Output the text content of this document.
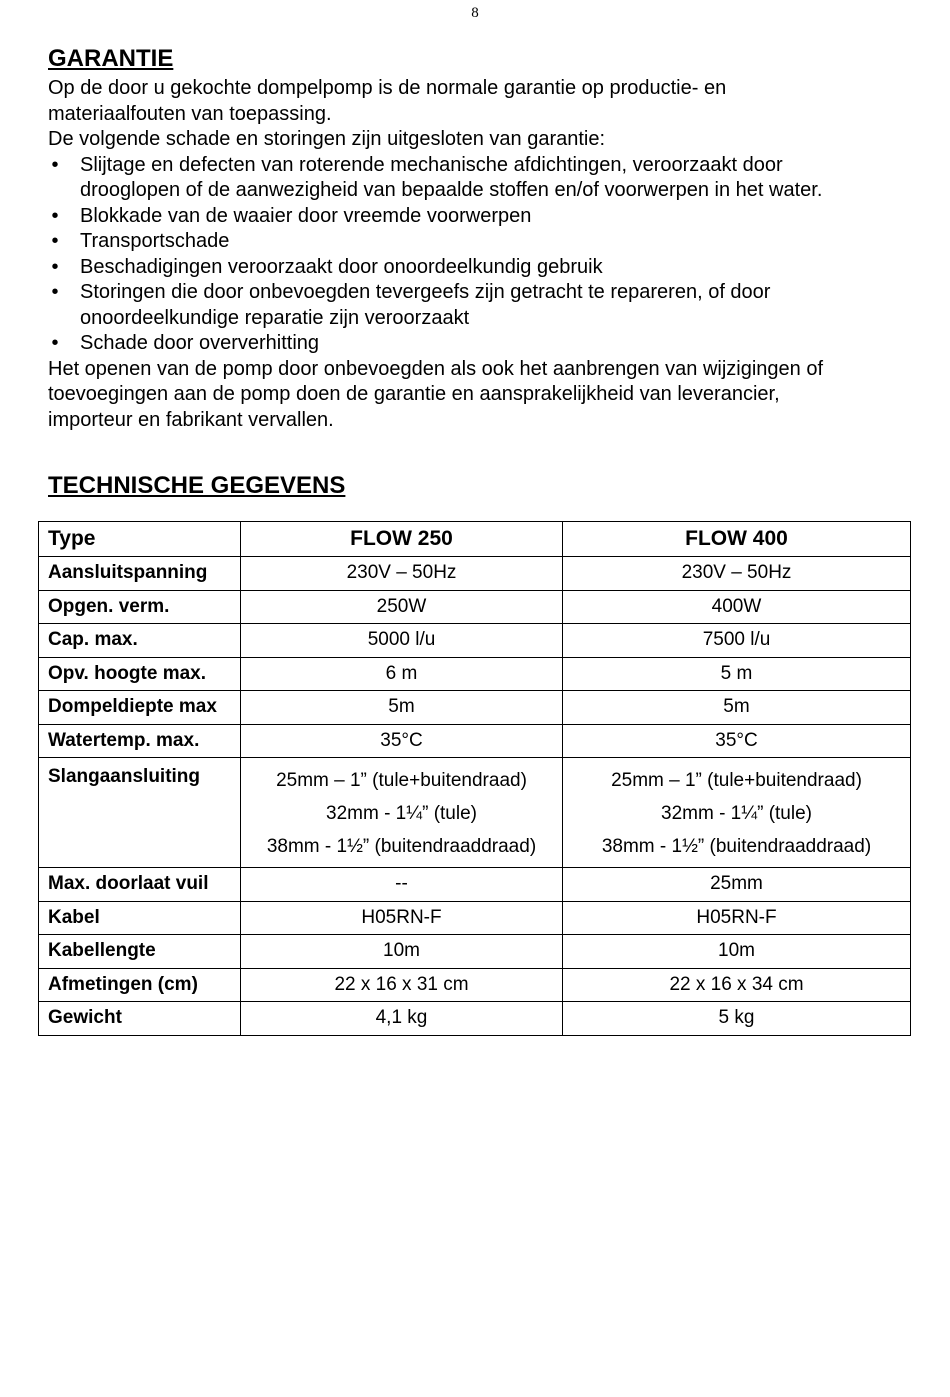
8
GARANTIE

Op de door u gekochte dompelpomp is de normale garantie op productie- en

materiaalfouten van toepassing.

De volgende schade en storingen zijn uitgesloten van garantie:

• Slijtage en defecten van roterende mechanische afdichtingen, veroorzaakt door
drooglopen of de aanwezigheid van bepaalde stoffen en/of voorwerpen in het water.
• Blokkade van de waaier door vreemde voorwerpen
• Transportschade
• Beschadigingen veroorzaakt door onoordeelkundig gebruik
• Storingen die door onbevoegden tevergeefs zijn getracht te repareren, of door
onoordeelkundige reparatie zijn veroorzaakt
• Schade door oververhitting

Het openen van de pomp door onbevoegden als ook het aanbrengen van wijzigingen of

toevoegingen aan de pomp doen de garantie en aansprakelijkheid van leverancier,

importeur en fabrikant vervallen.

TECHNISCHE GEGEVENS
Type	FLOW 250	FLOW 400
Aansluitspanning	230V – 50Hz	230V – 50Hz
Opgen. verm.	250W	400W
Cap. max.	5000 l/u	7500 l/u
Opv. hoogte max.	6 m	5 m
Dompeldiepte max	5m	5m
Watertemp. max.	35°C	35°C
Slangaansluiting	25mm – 1” (tule+buitendraad)
32mm - 1¼” (tule)
38mm - 1½” (buitendraaddraad)	25mm – 1” (tule+buitendraad)
32mm - 1¼” (tule)
38mm - 1½” (buitendraaddraad)

Max. doorlaat vuil	--	25mm
Kabel	H05RN-F	H05RN-F
Kabellengte	10m	10m
Afmetingen (cm)	22 x 16 x 31 cm	22 x 16 x 34 cm
Gewicht	4,1 kg	5 kg
